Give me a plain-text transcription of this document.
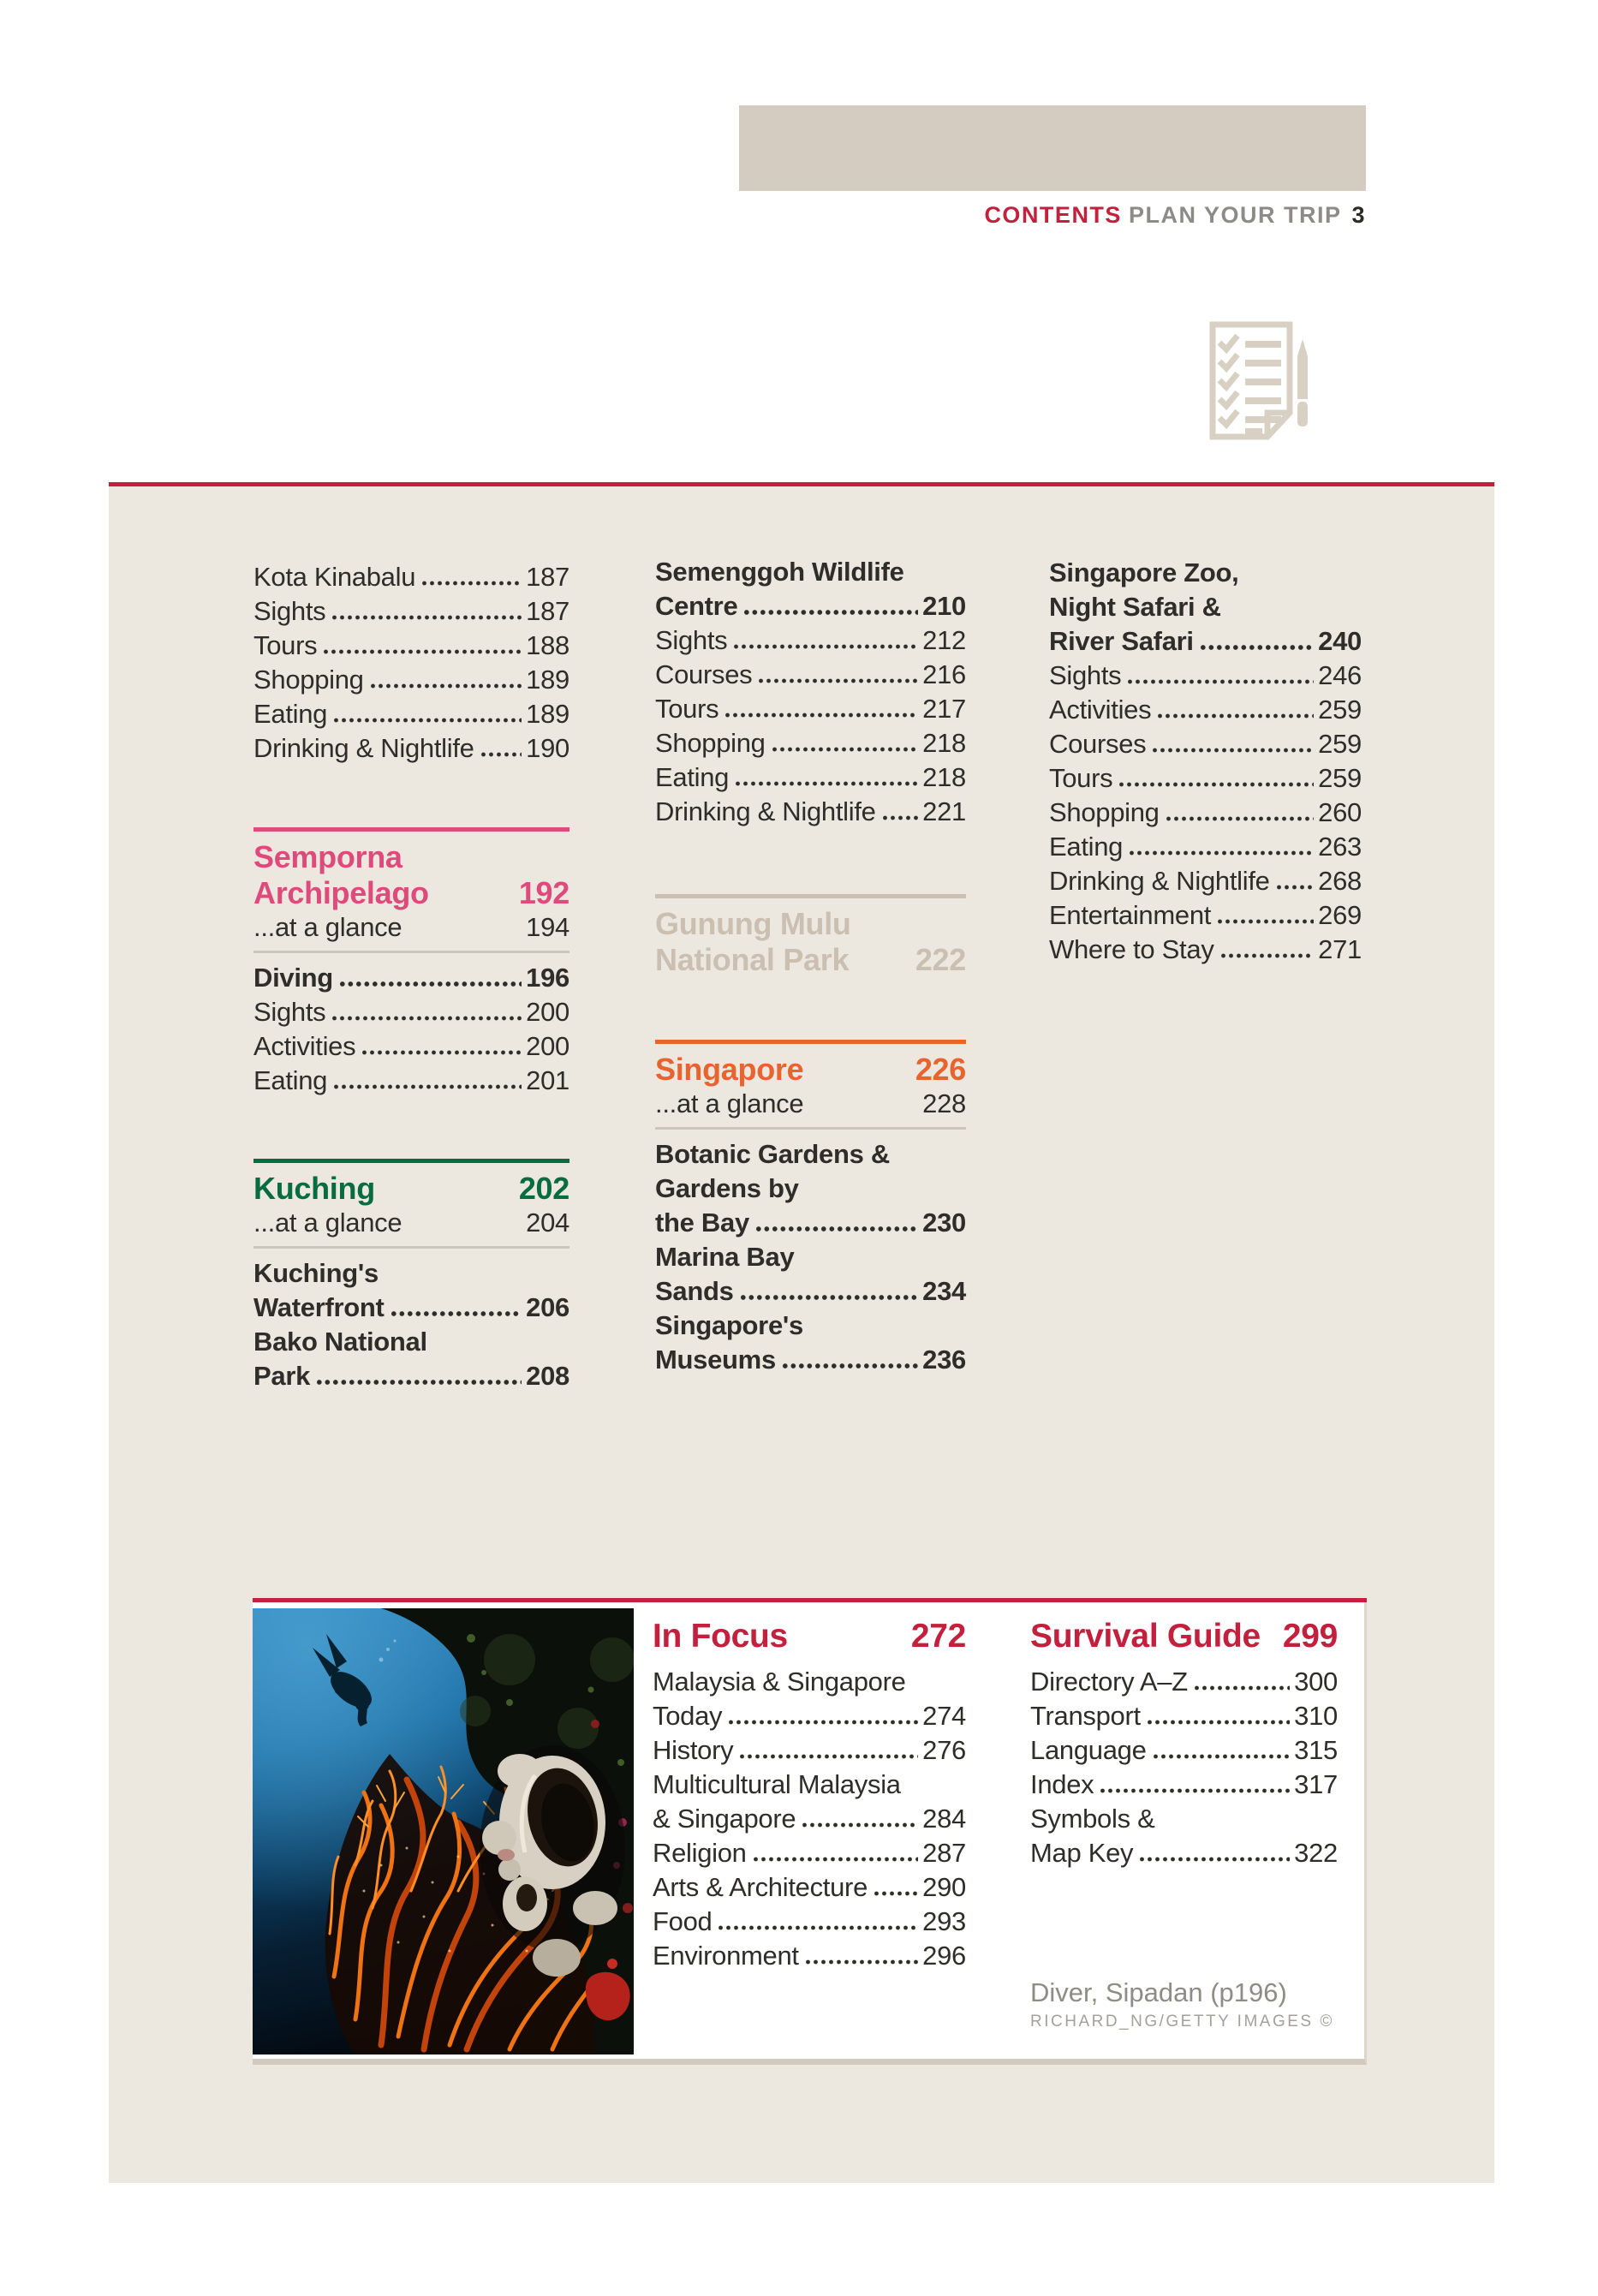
CONTENTS PLAN YOUR TRIP 3
Kota Kinabalu	187
Sights	187
Tours	188
Shopping	189
Eating	189
Drinking & Nightlife 190
Semporna
Archipelago	192
...at a glance	194
Diving	196
Sights	200
Activities	200
Eating	201
Kuching	202
...at a glance	204
Kuching's
Waterfront	206
Bako National
Park	208
Semenggoh Wildlife
Centre	210
Sights	212
Courses	216
Tours	217
Shopping	218
Eating	218
Drinking & Nightlife 221
Gunung Mulu
National Park 222
Singapore	226
...at a glance	228
Botanic Gardens &
Gardens by
the Bay	230
Marina Bay
Sands	234
Singapore's
Museums	236
Singapore Zoo,
Night Safari &
River Safari	240
Sights	246
Activities	259
Courses	259
Tours	259
Shopping	260
Eating	263
Drinking & Nightlife 268
Entertainment	269
Where to Stay	271
In Focus	272
Malaysia & Singapore
Today	274
History	276
Multicultural Malaysia
& Singapore	284
Religion	287
Arts & Architecture 290
Food	293
Environment	296
Survival Guide 299
Directory A–Z	300
Transport	310
Language	315
Index	317
Symbols &
Map Key	322
Diver, Sipadan (p196)
RICHARD_NG/GETTY IMAGES ©
